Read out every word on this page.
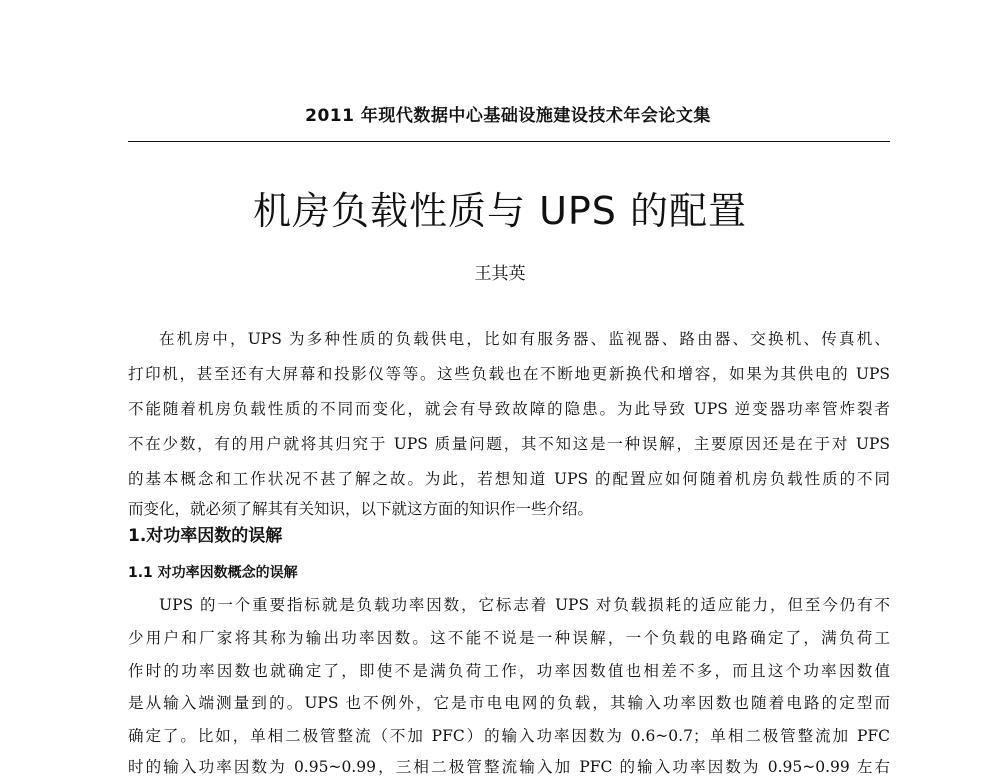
2011 年现代数据中心基础设施建设技术年会论文集
机房负载性质与 UPS 的配置
王其英
在机房中，UPS 为多种性质的负载供电，比如有服务器、监视器、路由器、交换机、传真机、
打印机，甚至还有大屏幕和投影仪等等。这些负载也在不断地更新换代和增容，如果为其供电的 UPS
不能随着机房负载性质的不同而变化，就会有导致故障的隐患。为此导致 UPS 逆变器功率管炸裂者
不在少数，有的用户就将其归究于 UPS 质量问题，其不知这是一种误解，主要原因还是在于对 UPS
的基本概念和工作状况不甚了解之故。为此，若想知道 UPS 的配置应如何随着机房负载性质的不同
而变化，就必须了解其有关知识，以下就这方面的知识作一些介绍。
1.对功率因数的误解
1.1 对功率因数概念的误解
UPS 的一个重要指标就是负载功率因数，它标志着 UPS 对负载损耗的适应能力，但至今仍有不
少用户和厂家将其称为输出功率因数。这不能不说是一种误解，一个负载的电路确定了，满负荷工
作时的功率因数也就确定了，即使不是满负荷工作，功率因数值也相差不多，而且这个功率因数值
是从输入端测量到的。UPS 也不例外，它是市电电网的负载，其输入功率因数也随着电路的定型而
确定了。比如，单相二极管整流（不加 PFC）的输入功率因数为 0.6~0.7；单相二极管整流加 PFC
时的输入功率因数为 0.95~0.99，三相二极管整流输入加 PFC 的输入功率因数为 0.95~0.99 左右
